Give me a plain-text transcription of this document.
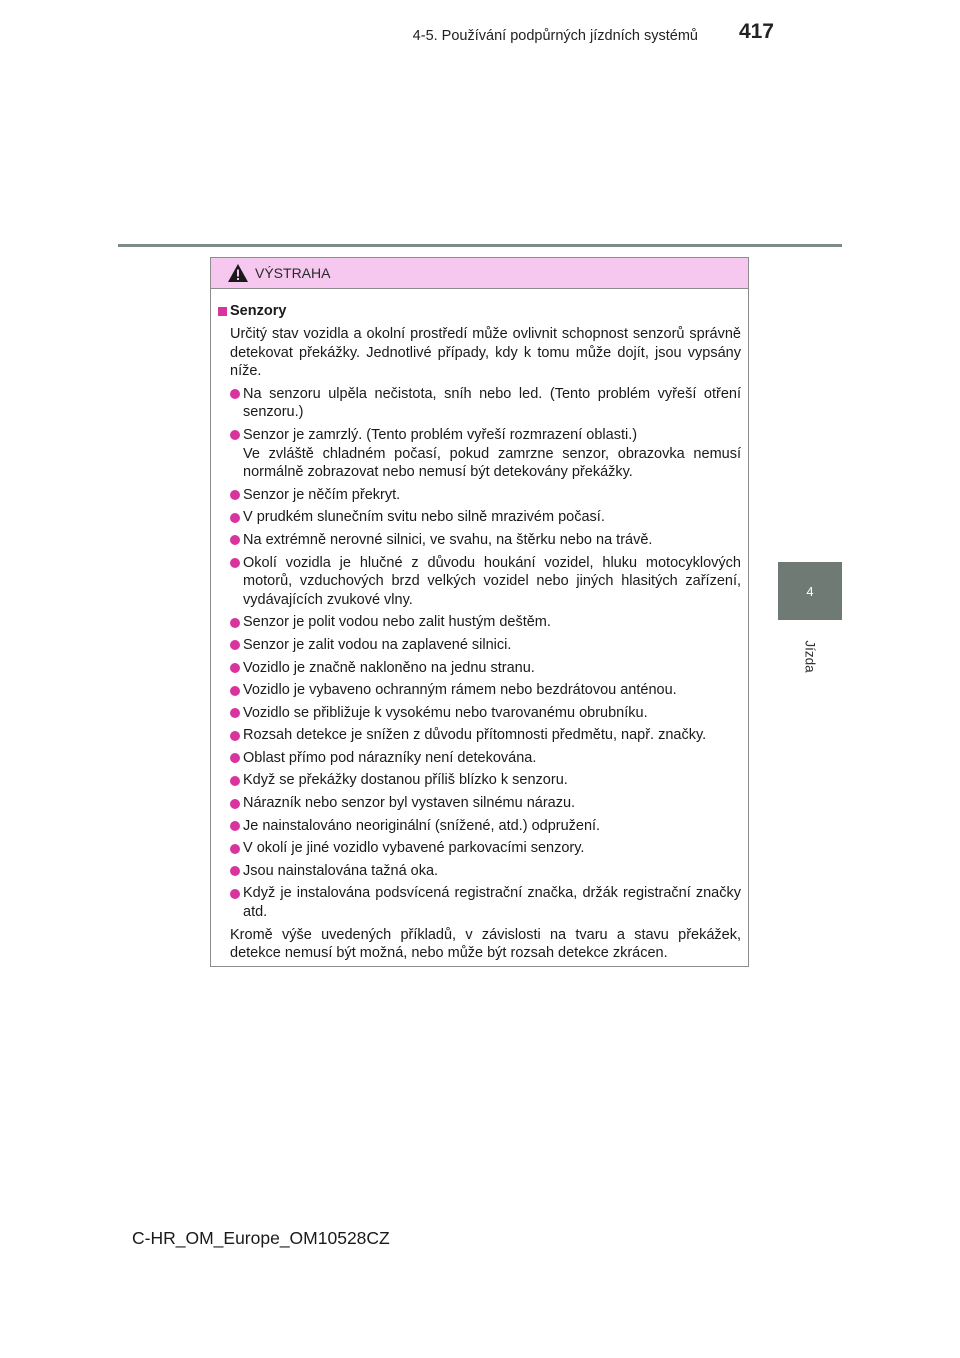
4-5. Používání podpůrných jízdních systémů	417
4
Jízda
VÝSTRAHA
Senzory
Určitý stav vozidla a okolní prostředí může ovlivnit schopnost senzorů správně detekovat překážky. Jednotlivé případy, kdy k tomu může dojít, jsou vypsány níže.
Na senzoru ulpěla nečistota, sníh nebo led. (Tento problém vyřeší otření senzoru.)
Senzor je zamrzlý. (Tento problém vyřeší rozmrazení oblasti.)
Ve zvláště chladném počasí, pokud zamrzne senzor, obrazovka nemusí normálně zobrazovat nebo nemusí být detekovány překážky.
Senzor je něčím překryt.
V prudkém slunečním svitu nebo silně mrazivém počasí.
Na extrémně nerovné silnici, ve svahu, na štěrku nebo na trávě.
Okolí vozidla je hlučné z důvodu houkání vozidel, hluku motocyklových motorů, vzduchových brzd velkých vozidel nebo jiných hlasitých zařízení, vydávajících zvukové vlny.
Senzor je polit vodou nebo zalit hustým deštěm.
Senzor je zalit vodou na zaplavené silnici.
Vozidlo je značně nakloněno na jednu stranu.
Vozidlo je vybaveno ochranným rámem nebo bezdrátovou anténou.
Vozidlo se přibližuje k vysokému nebo tvarovanému obrubníku.
Rozsah detekce je snížen z důvodu přítomnosti předmětu, např. značky.
Oblast přímo pod nárazníky není detekována.
Když se překážky dostanou příliš blízko k senzoru.
Nárazník nebo senzor byl vystaven silnému nárazu.
Je nainstalováno neoriginální (snížené, atd.) odpružení.
V okolí je jiné vozidlo vybavené parkovacími senzory.
Jsou nainstalována tažná oka.
Když je instalována podsvícená registrační značka, držák registrační značky atd.
Kromě výše uvedených příkladů, v závislosti na tvaru a stavu překážek, detekce nemusí být možná, nebo může být rozsah detekce zkrácen.
C-HR_OM_Europe_OM10528CZ
